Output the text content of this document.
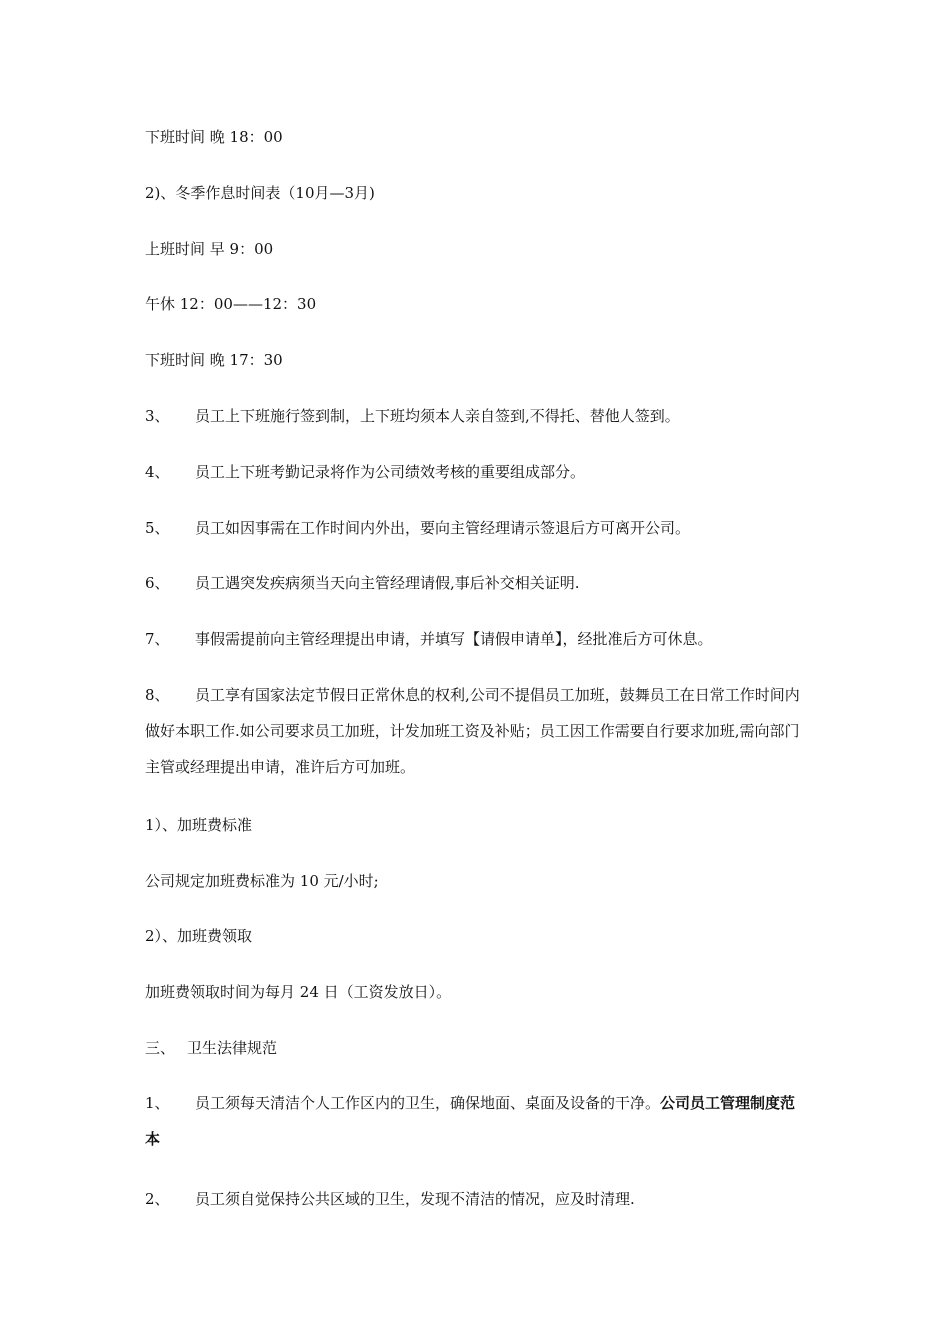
下班时间 晚 18：00
2)、冬季作息时间表（10月—3月)
上班时间 早 9：00
午休 12：00——12：30
下班时间 晚 17：30
3、 员工上下班施行签到制，上下班均须本人亲自签到,不得托、替他人签到。
4、 员工上下班考勤记录将作为公司绩效考核的重要组成部分。
5、 员工如因事需在工作时间内外出，要向主管经理请示签退后方可离开公司。
6、 员工遇突发疾病须当天向主管经理请假,事后补交相关证明.
7、 事假需提前向主管经理提出申请，并填写【请假申请单】，经批准后方可休息。
8、 员工享有国家法定节假日正常休息的权利,公司不提倡员工加班，鼓舞员工在日常工作时间内做好本职工作.如公司要求员工加班，计发加班工资及补贴；员工因工作需要自行要求加班,需向部门主管或经理提出申请，准许后方可加班。
1）、加班费标准
公司规定加班费标准为 10 元/小时;
2）、加班费领取
加班费领取时间为每月 24 日（工资发放日）。
三、 卫生法律规范
1、 员工须每天清洁个人工作区内的卫生，确保地面、桌面及设备的干净。公司员工管理制度范本
2、 员工须自觉保持公共区域的卫生，发现不清洁的情况，应及时清理.
